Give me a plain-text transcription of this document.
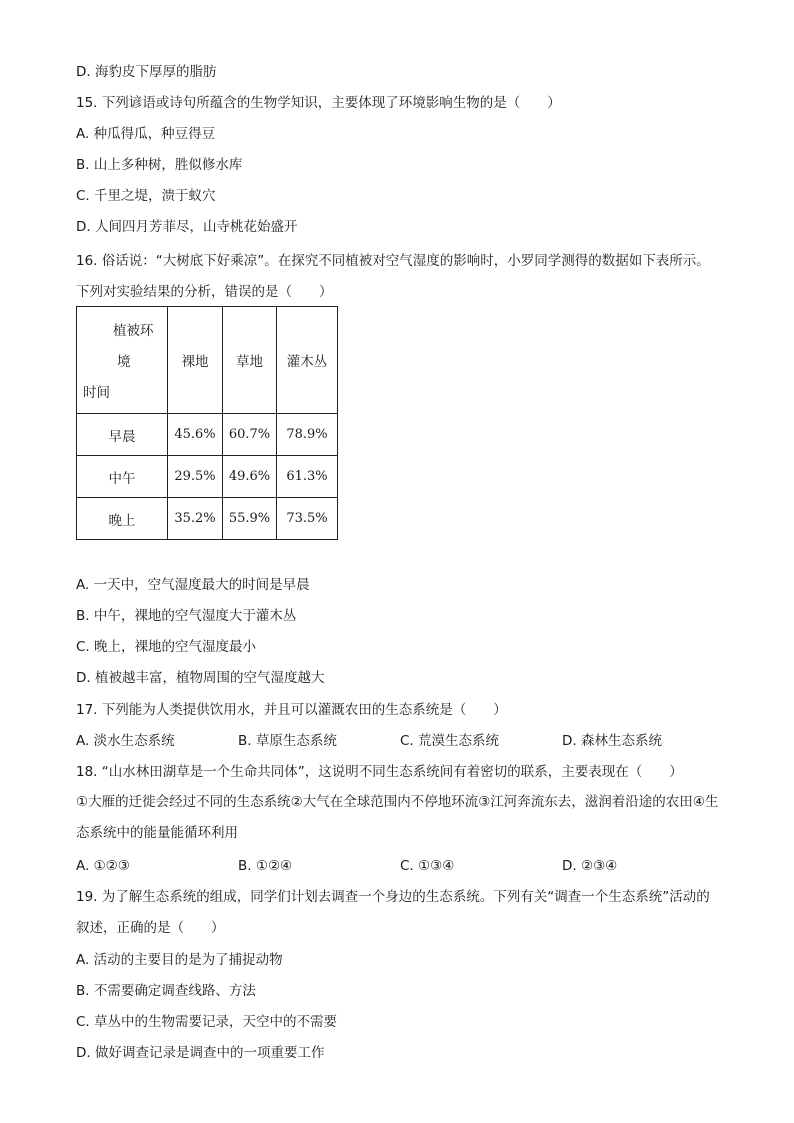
D. 海豹皮下厚厚的脂肪
15. 下列谚语或诗句所蕴含的生物学知识，主要体现了环境影响生物的是（　　）
A. 种瓜得瓜，种豆得豆
B. 山上多种树，胜似修水库
C. 千里之堤，溃于蚁穴
D. 人间四月芳菲尽，山寺桃花始盛开
16. 俗话说：“大树底下好乘凉”。在探究不同植被对空气湿度的影响时，小罗同学测得的数据如下表所示。下列对实验结果的分析，错误的是（　　）
植被环
境
时间	裸地	草地	灌木丛
早晨	45.6%	60.7%	78.9%
中午	29.5%	49.6%	61.3%
晚上	35.2%	55.9%	73.5%
A. 一天中，空气湿度最大的时间是早晨
B. 中午，裸地的空气湿度大于灌木丛
C. 晚上，裸地的空气湿度最小
D. 植被越丰富，植物周围的空气湿度越大
17. 下列能为人类提供饮用水，并且可以灌溉农田的生态系统是（　　）
A. 淡水生态系统	B. 草原生态系统	C. 荒漠生态系统	D. 森林生态系统
18. “山水林田湖草是一个生命共同体”，这说明不同生态系统间有着密切的联系，主要表现在（　　）
①大雁的迁徙会经过不同的生态系统②大气在全球范围内不停地环流③江河奔流东去，滋润着沿途的农田④生态系统中的能量能循环利用
A. ①②③	B. ①②④	C. ①③④	D. ②③④
19. 为了解生态系统的组成，同学们计划去调查一个身边的生态系统。下列有关“调查一个生态系统”活动的叙述，正确的是（　　）
A. 活动的主要目的是为了捕捉动物
B. 不需要确定调查线路、方法
C. 草丛中的生物需要记录，天空中的不需要
D. 做好调查记录是调查中的一项重要工作
